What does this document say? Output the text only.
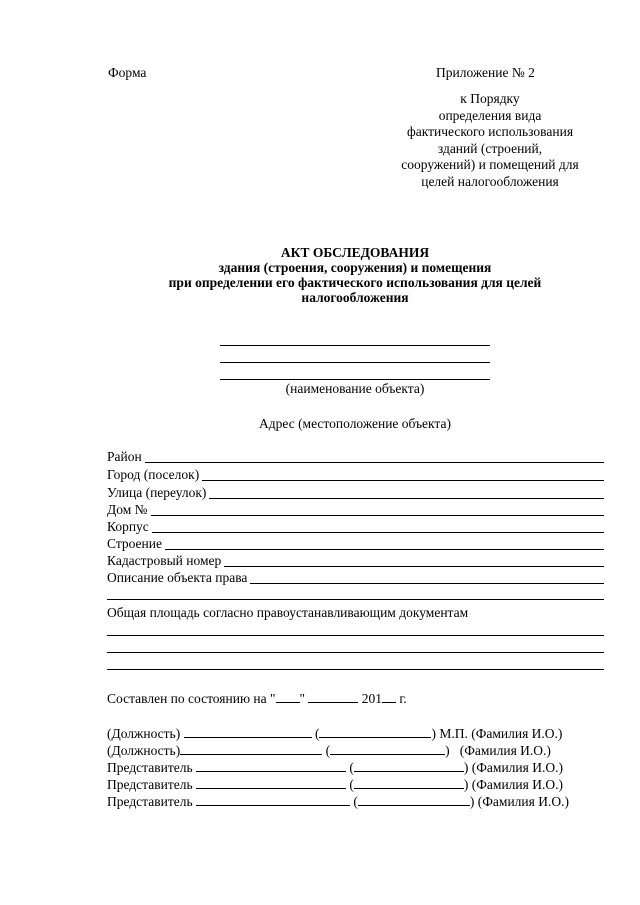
Форма	Приложение № 2
к Порядку
определения вида
фактического использования
зданий (строений,
сооружений) и помещений для
целей налогообложения
АКТ ОБСЛЕДОВАНИЯ
здания (строения, сооружения) и помещения
при определении его фактического использования для целей
налогообложения
(наименование объекта)
Адрес (местоположение объекта)
Район
Город (поселок)
Улица (переулок)
Дом №
Корпус
Строение
Кадастровый номер
Описание объекта права
Общая площадь согласно правоустанавливающим документам
Составлен по состоянию на " "	201 г.
(Должность)	(	) М.П. (Фамилия И.О.)
(Должность)	(	) (Фамилия И.О.)
Представитель	(	) (Фамилия И.О.)
Представитель	(	) (Фамилия И.О.)
Представитель	(	) (Фамилия И.О.)
